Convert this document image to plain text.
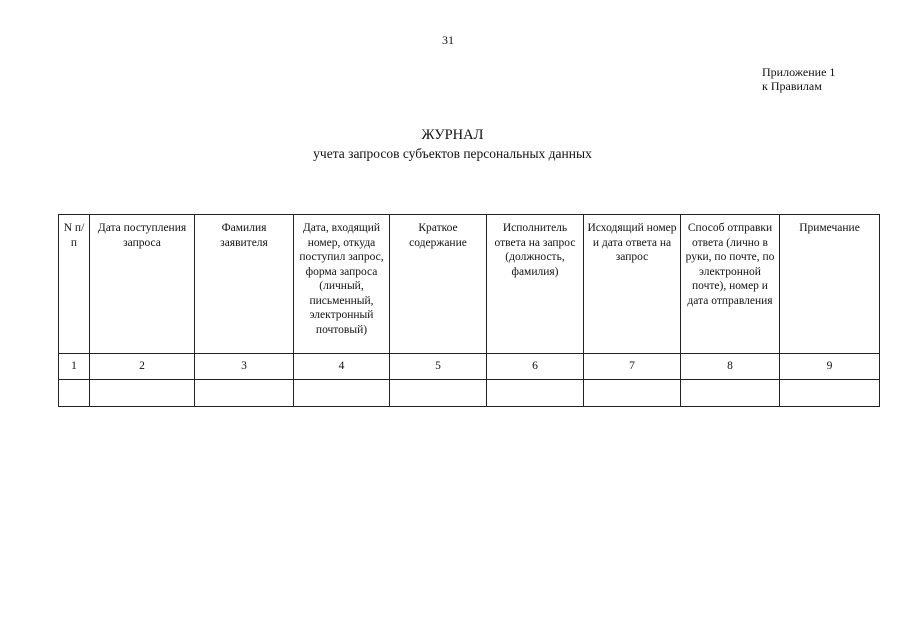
31
Приложение 1
к Правилам
ЖУРНАЛ
учета запросов субъектов персональных данных
N п/п	Дата поступления запроса	Фамилия заявителя	Дата, входящий номер, откуда поступил запрос, форма запроса (личный, письменный, электронный почтовый)	Краткое содержание	Исполнитель ответа на запрос (должность, фамилия)	Исходящий номер и дата ответа на запрос	Способ отправки ответа (лично в руки, по почте, по электронной почте), номер и дата отправления	Примечание
1	2	3	4	5	6	7	8	9
